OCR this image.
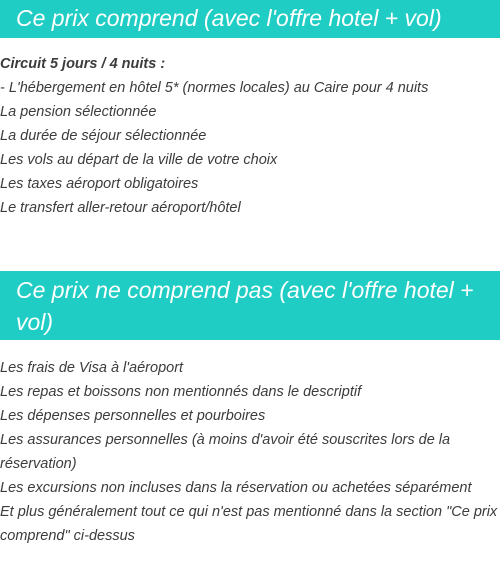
Ce prix comprend (avec l'offre hotel + vol)
Circuit 5 jours / 4 nuits :
- L'hébergement en hôtel 5* (normes locales) au Caire pour 4 nuits
La pension sélectionnée
La durée de séjour sélectionnée
Les vols au départ de la ville de votre choix
Les taxes aéroport obligatoires
Le transfert aller-retour aéroport/hôtel
Ce prix ne comprend pas (avec l'offre hotel + vol)
Les frais de Visa à l'aéroport
Les repas et boissons non mentionnés dans le descriptif
Les dépenses personnelles et pourboires
Les assurances personnelles (à moins d'avoir été souscrites lors de la réservation)
Les excursions non incluses dans la réservation ou achetées séparément
Et plus généralement tout ce qui n'est pas mentionné dans la section "Ce prix comprend" ci-dessus
